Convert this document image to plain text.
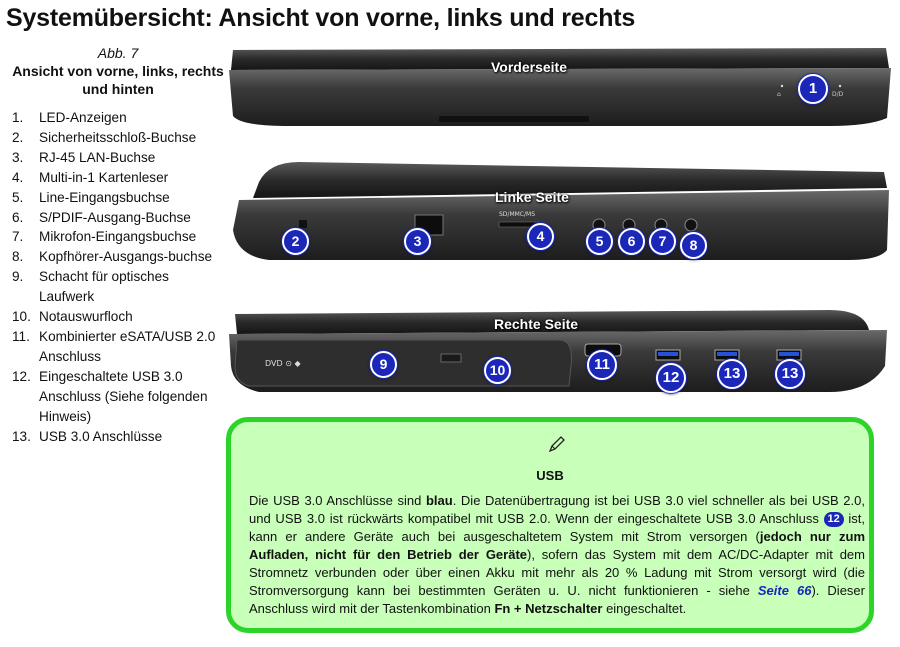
Systemübersicht: Ansicht von vorne, links und rechts
Abb. 7
Ansicht von vorne, links, rechts und hinten
1. LED-Anzeigen
2. Sicherheitsschloß-Buchse
3. RJ-45 LAN-Buchse
4. Multi-in-1 Kartenleser
5. Line-Eingangsbuchse
6. S/PDIF-Ausgang-Buchse
7. Mikrofon-Eingangsbuchse
8. Kopfhörer-Ausgangs-buchse
9. Schacht für optisches Laufwerk
10. Notauswurfloch
11. Kombinierter eSATA/USB 2.0 Anschluss
12. Eingeschaltete USB 3.0 Anschluss (Siehe folgenden Hinweis)
13. USB 3.0 Anschlüsse
⌂	D/D
Vorderseite
1
SD/MMC/MS
Linke Seite
2	3	4	5	6	7	8
DVD ⊙ ◆
Rechte Seite
9	10	11
12	13	13
USB
Die USB 3.0 Anschlüsse sind blau. Die Datenübertragung ist bei USB 3.0 viel schneller als bei USB 2.0, und USB 3.0 ist rückwärts kompatibel mit USB 2.0. Wenn der eingeschaltete USB 3.0 Anschluss 12 ist, kann er andere Geräte auch bei ausgeschaltetem System mit Strom versorgen (jedoch nur zum Aufladen, nicht für den Betrieb der Geräte), sofern das System mit dem AC/DC-Adapter mit dem Stromnetz verbunden oder über einen Akku mit mehr als 20 % Ladung mit Strom versorgt wird (die Stromversorgung kann bei bestimmten Geräten u. U. nicht funktionieren - siehe Seite 66). Dieser Anschluss wird mit der Tastenkombination Fn + Netzschalter eingeschaltet.
